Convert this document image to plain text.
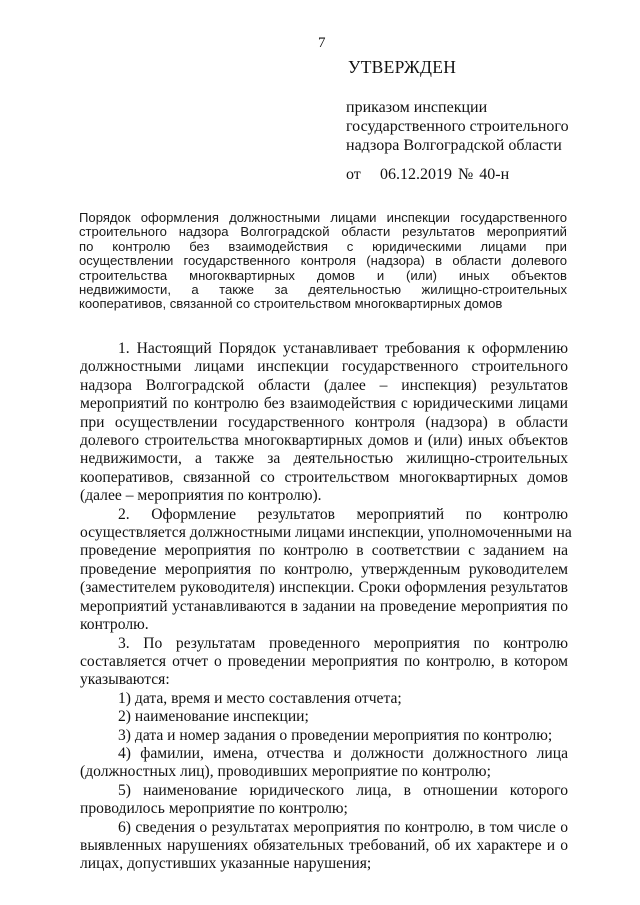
7
УТВЕРЖДЕН
приказом инспекции
государственного строительного
надзора Волгоградской области
от 06.12.2019 № 40-н
Порядок оформления должностными лицами инспекции государственного
строительного надзора Волгоградской области результатов мероприятий
по контролю без взаимодействия с юридическими лицами при
осуществлении государственного контроля (надзора) в области долевого
строительства многоквартирных домов и (или) иных объектов
недвижимости, а также за деятельностью жилищно-строительных
кооперативов, связанной со строительством многоквартирных домов
1. Настоящий Порядок устанавливает требования к оформлению
должностными лицами инспекции государственного строительного
надзора Волгоградской области (далее – инспекция) результатов
мероприятий по контролю без взаимодействия с юридическими лицами
при осуществлении государственного контроля (надзора) в области
долевого строительства многоквартирных домов и (или) иных объектов
недвижимости, а также за деятельностью жилищно-строительных
кооперативов, связанной со строительством многоквартирных домов
(далее – мероприятия по контролю).
2. Оформление результатов мероприятий по контролю
осуществляется должностными лицами инспекции, уполномоченными на
проведение мероприятия по контролю в соответствии с заданием на
проведение мероприятия по контролю, утвержденным руководителем
(заместителем руководителя) инспекции. Сроки оформления результатов
мероприятий устанавливаются в задании на проведение мероприятия по
контролю.
3. По результатам проведенного мероприятия по контролю
составляется отчет о проведении мероприятия по контролю, в котором
указываются:
1) дата, время и место составления отчета;
2) наименование инспекции;
3) дата и номер задания о проведении мероприятия по контролю;
4) фамилии, имена, отчества и должности должностного лица
(должностных лиц), проводивших мероприятие по контролю;
5) наименование юридического лица, в отношении которого
проводилось мероприятие по контролю;
6) сведения о результатах мероприятия по контролю, в том числе о
выявленных нарушениях обязательных требований, об их характере и о
лицах, допустивших указанные нарушения;
